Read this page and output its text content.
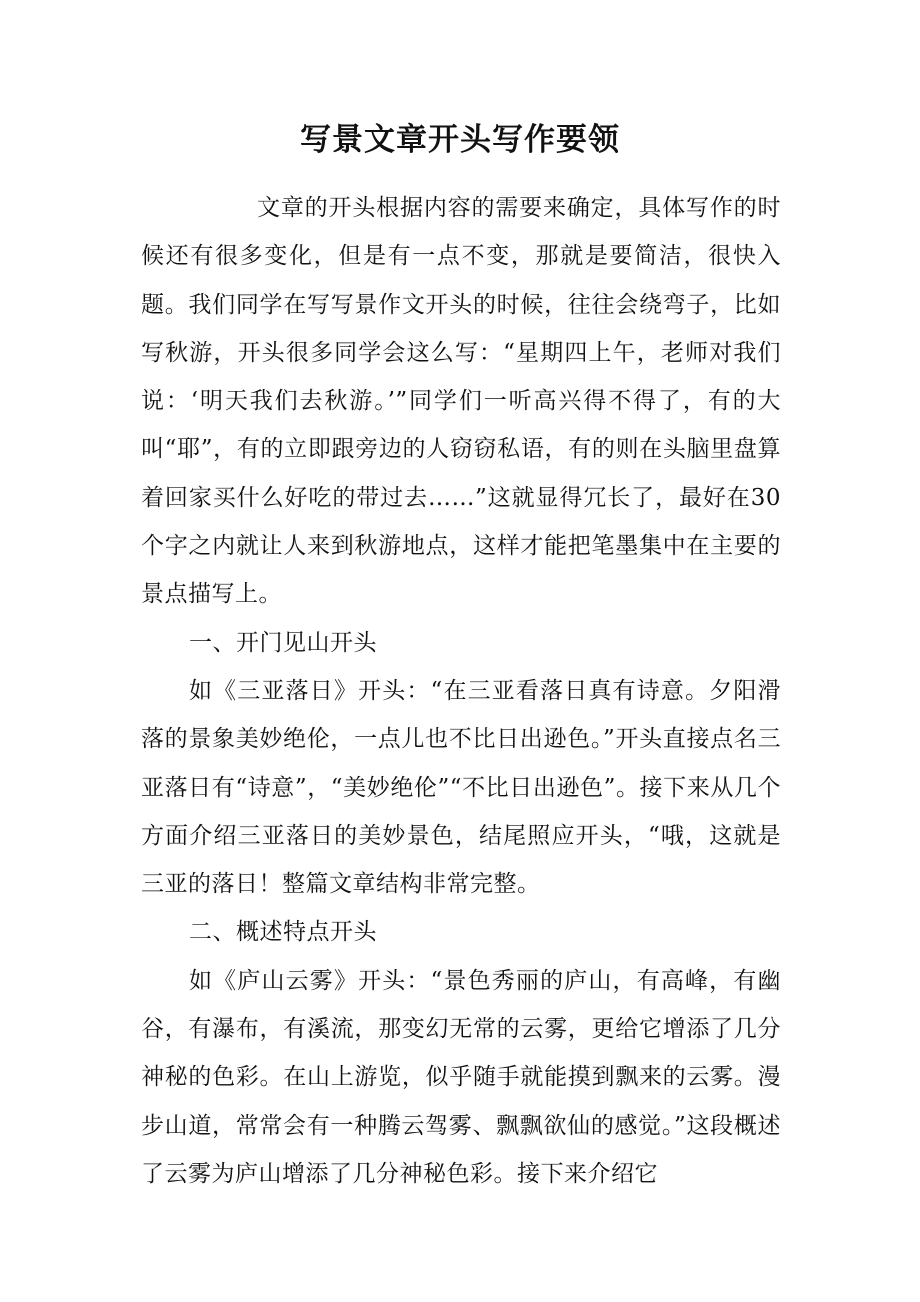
写景文章开头写作要领

文章的开头根据内容的需要来确定，具体写作的时候还有很多变化，但是有一点不变，那就是要简洁，很快入题。我们同学在写写景作文开头的时候，往往会绕弯子，比如写秋游，开头很多同学会这么写：“星期四上午，老师对我们说：‘明天我们去秋游。’”同学们一听高兴得不得了，有的大叫“耶”，有的立即跟旁边的人窃窃私语，有的则在头脑里盘算着回家买什么好吃的带过去……”这就显得冗长了，最好在30个字之内就让人来到秋游地点，这样才能把笔墨集中在主要的景点描写上。

一、开门见山开头

如《三亚落日》开头：“在三亚看落日真有诗意。夕阳滑落的景象美妙绝伦，一点儿也不比日出逊色。”开头直接点名三亚落日有“诗意”，“美妙绝伦”“不比日出逊色”。接下来从几个方面介绍三亚落日的美妙景色，结尾照应开头，“哦，这就是三亚的落日！整篇文章结构非常完整。

二、概述特点开头

如《庐山云雾》开头：“景色秀丽的庐山，有高峰，有幽谷，有瀑布，有溪流，那变幻无常的云雾，更给它增添了几分神秘的色彩。在山上游览，似乎随手就能摸到飘来的云雾。漫步山道，常常会有一种腾云驾雾、飘飘欲仙的感觉。”这段概述了云雾为庐山增添了几分神秘色彩。接下来介绍它
